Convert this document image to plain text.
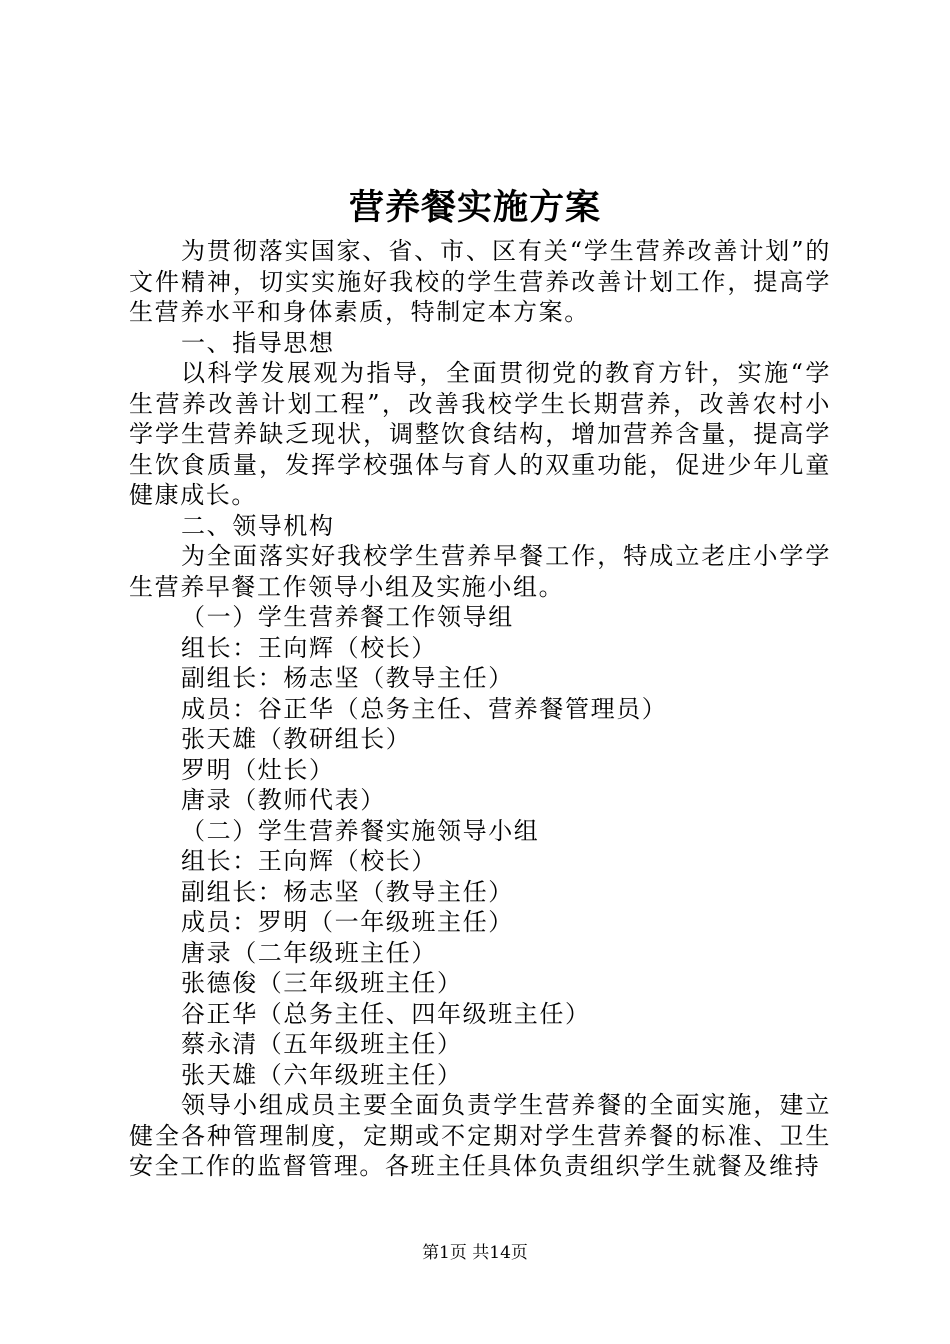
营养餐实施方案

为贯彻落实国家、省、市、区有关“学生营养改善计划”的文件精神，切实实施好我校的学生营养改善计划工作，提高学生营养水平和身体素质，特制定本方案。

一、指导思想

以科学发展观为指导，全面贯彻党的教育方针，实施“学生营养改善计划工程”，改善我校学生长期营养，改善农村小学学生营养缺乏现状，调整饮食结构，增加营养含量，提高学生饮食质量，发挥学校强体与育人的双重功能，促进少年儿童健康成长。

二、领导机构

为全面落实好我校学生营养早餐工作，特成立老庄小学学生营养早餐工作领导小组及实施小组。

（一）学生营养餐工作领导组

组长：王向辉（校长）

副组长：杨志坚（教导主任）

成员：谷正华（总务主任、营养餐管理员）

张天雄（教研组长）

罗明（灶长）

唐录（教师代表）

（二）学生营养餐实施领导小组

组长：王向辉（校长）

副组长：杨志坚（教导主任）

成员：罗明（一年级班主任）

唐录（二年级班主任）

张德俊（三年级班主任）

谷正华（总务主任、四年级班主任）

蔡永清（五年级班主任）

张天雄（六年级班主任）

领导小组成员主要全面负责学生营养餐的全面实施，建立健全各种管理制度，定期或不定期对学生营养餐的标准、卫生安全工作的监督管理。各班主任具体负责组织学生就餐及维持

第1页 共14页
